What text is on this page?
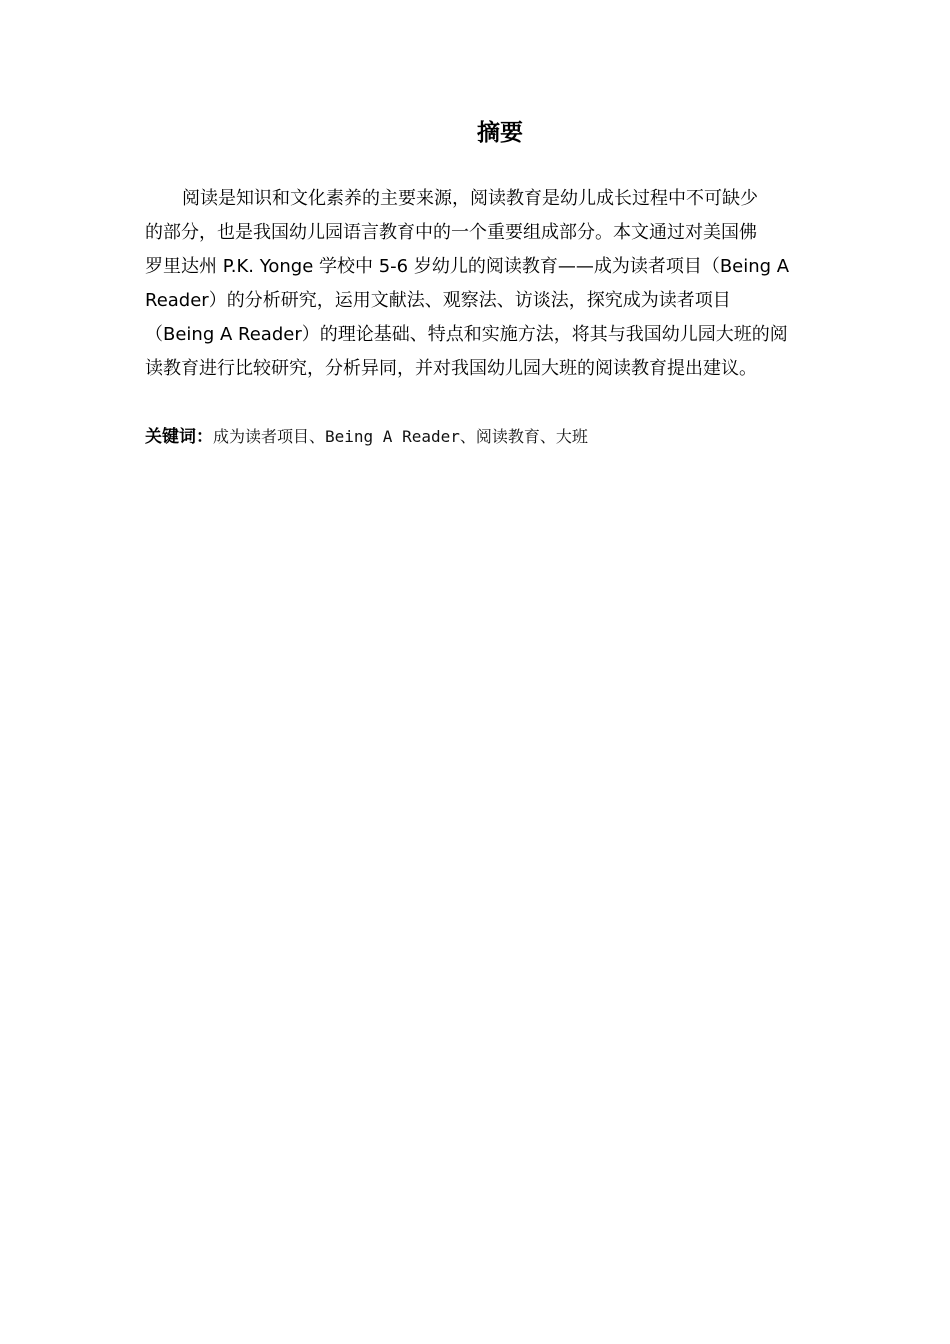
摘要
阅读是知识和文化素养的主要来源，阅读教育是幼儿成长过程中不可缺少
的部分，也是我国幼儿园语言教育中的一个重要组成部分。本文通过对美国佛
罗里达州 P.K. Yonge 学校中 5-6 岁幼儿的阅读教育——成为读者项目（Being A
Reader）的分析研究，运用文献法、观察法、访谈法，探究成为读者项目
（Being A Reader）的理论基础、特点和实施方法，将其与我国幼儿园大班的阅
读教育进行比较研究，分析异同，并对我国幼儿园大班的阅读教育提出建议。

关键词：成为读者项目、Being A Reader、阅读教育、大班
